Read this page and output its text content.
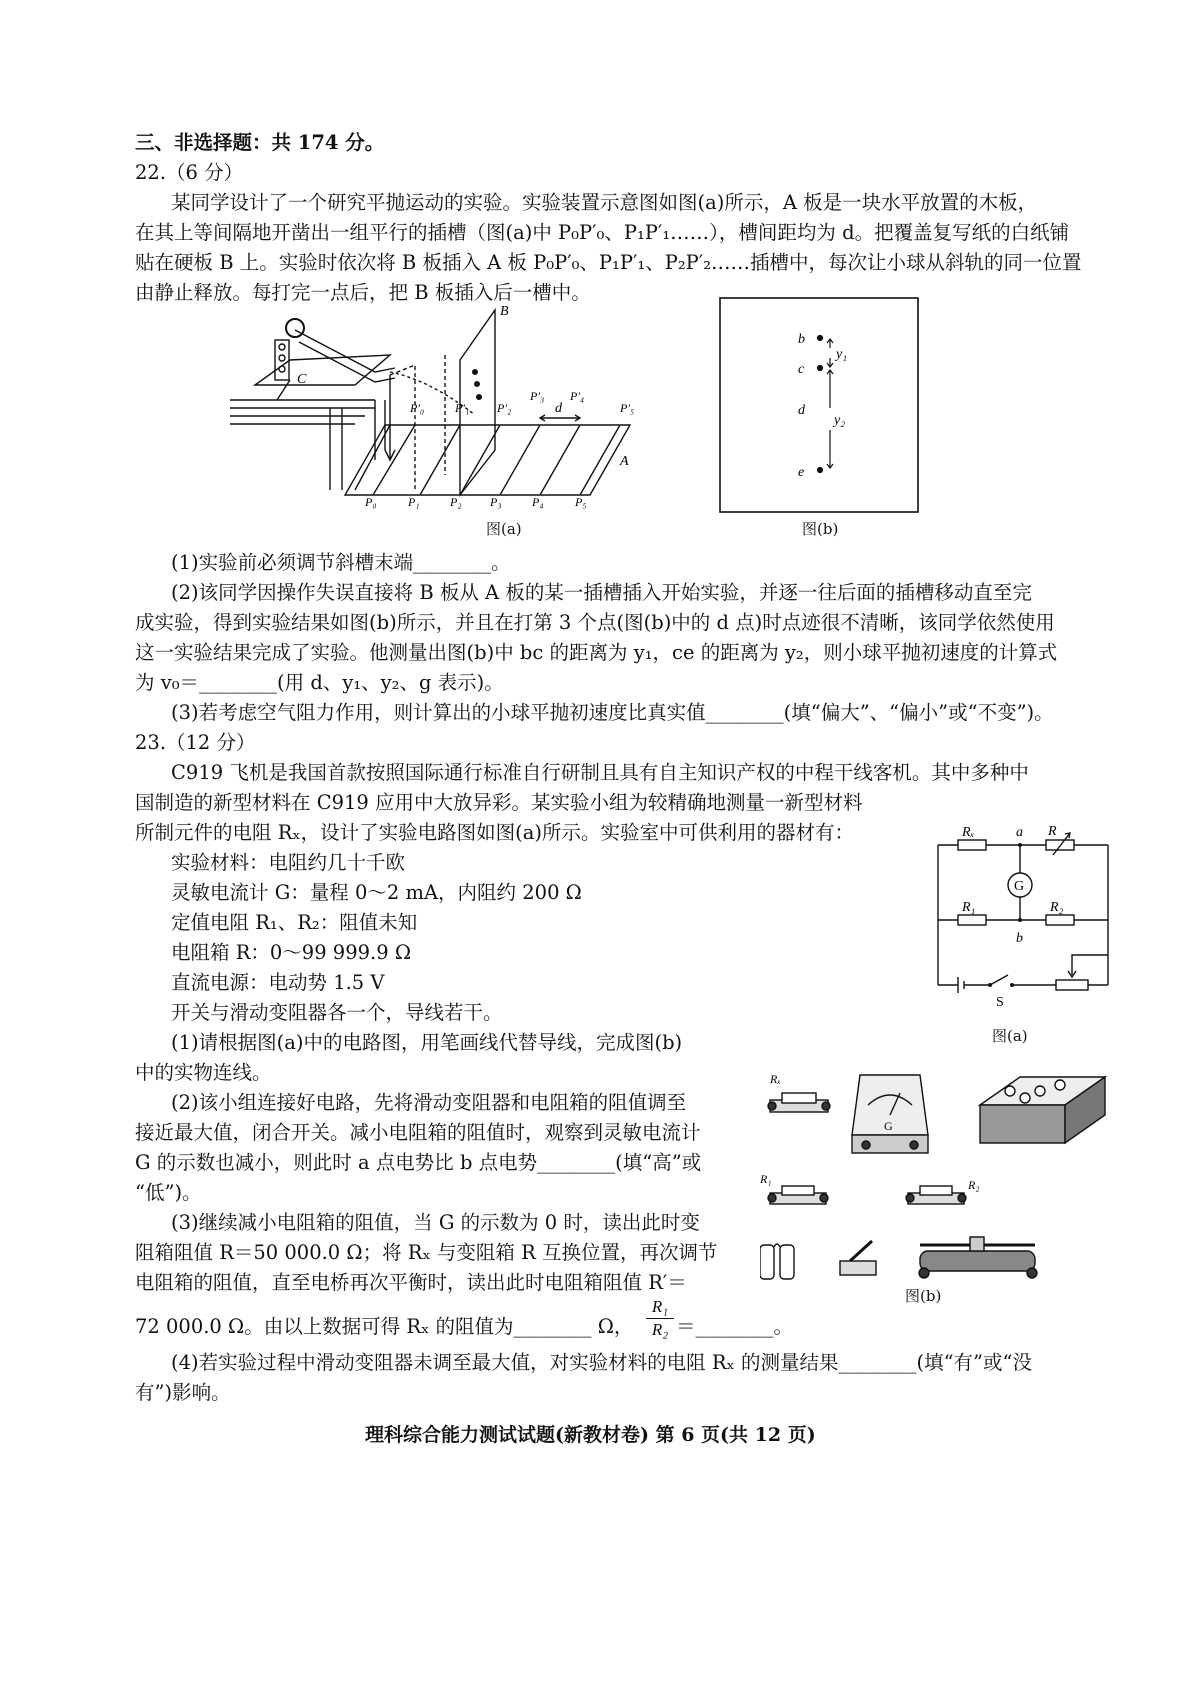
三、非选择题：共 174 分。
22.（6 分）
某同学设计了一个研究平抛运动的实验。实验装置示意图如图(a)所示，A 板是一块水平放置的木板，
在其上等间隔地开凿出一组平行的插槽（图(a)中 P₀P′₀、P₁P′₁……），槽间距均为 d。把覆盖复写纸的白纸铺
贴在硬板 B 上。实验时依次将 B 板插入 A 板 P₀P′₀、P₁P′₁、P₂P′₂……插槽中，每次让小球从斜轨的同一位置
由静止释放。每打完一点后，把 B 板插入后一槽中。
B
C
A
d
P′₀	P′₁ P′₂
P′₃ P′₄
P′₅
P₀	P₁	P₂ P₃	P₄	P₅
图(a)
b
c
d
e
y₁
y₂
图(b)
(1)实验前必须调节斜槽末端________。
(2)该同学因操作失误直接将 B 板从 A 板的某一插槽插入开始实验，并逐一往后面的插槽移动直至完
成实验，得到实验结果如图(b)所示，并且在打第 3 个点(图(b)中的 d 点)时点迹很不清晰，该同学依然使用
这一实验结果完成了实验。他测量出图(b)中 bc 的距离为 y₁，ce 的距离为 y₂，则小球平抛初速度的计算式
为 v₀＝________(用 d、y₁、y₂、g 表示)。
(3)若考虑空气阻力作用，则计算出的小球平抛初速度比真实值________(填“偏大”、“偏小”或“不变”)。
23.（12 分）
C919 飞机是我国首款按照国际通行标准自行研制且具有自主知识产权的中程干线客机。其中多种中
国制造的新型材料在 C919 应用中大放异彩。某实验小组为较精确地测量一新型材料
所制元件的电阻 Rₓ，设计了实验电路图如图(a)所示。实验室中可供利用的器材有：
实验材料：电阻约几十千欧
灵敏电流计 G：量程 0～2 mA，内阻约 200 Ω
定值电阻 R₁、R₂：阻值未知
电阻箱 R：0～99 999.9 Ω
直流电源：电动势 1.5 V
开关与滑动变阻器各一个，导线若干。
(1)请根据图(a)中的电路图，用笔画线代替导线，完成图(b)
中的实物连线。
(2)该小组连接好电路，先将滑动变阻器和电阻箱的阻值调至
接近最大值，闭合开关。减小电阻箱的阻值时，观察到灵敏电流计
G 的示数也减小，则此时 a 点电势比 b 点电势________(填“高”或
“低”)。
(3)继续减小电阻箱的阻值，当 G 的示数为 0 时，读出此时变
阻箱阻值 R＝50 000.0 Ω；将 Rₓ 与变阻箱 R 互换位置，再次调节
电阻箱的阻值，直至电桥再次平衡时，读出此时电阻箱阻值 R′＝
72 000.0 Ω。由以上数据可得 Rₓ 的阻值为________ Ω， $\frac{\text{R₁}}{\text{R₂}}$ ＝________。
(4)若实验过程中滑动变阻器未调至最大值，对实验材料的电阻 Rₓ 的测量结果________(填“有”或“没
有”)影响。
Rₓ	a R
G
R₁	R₂
b
S
图(a)
Rₓ
G
R₁	R₂
图(b)
理科综合能力测试试题(新教材卷) 第 6 页(共 12 页)
